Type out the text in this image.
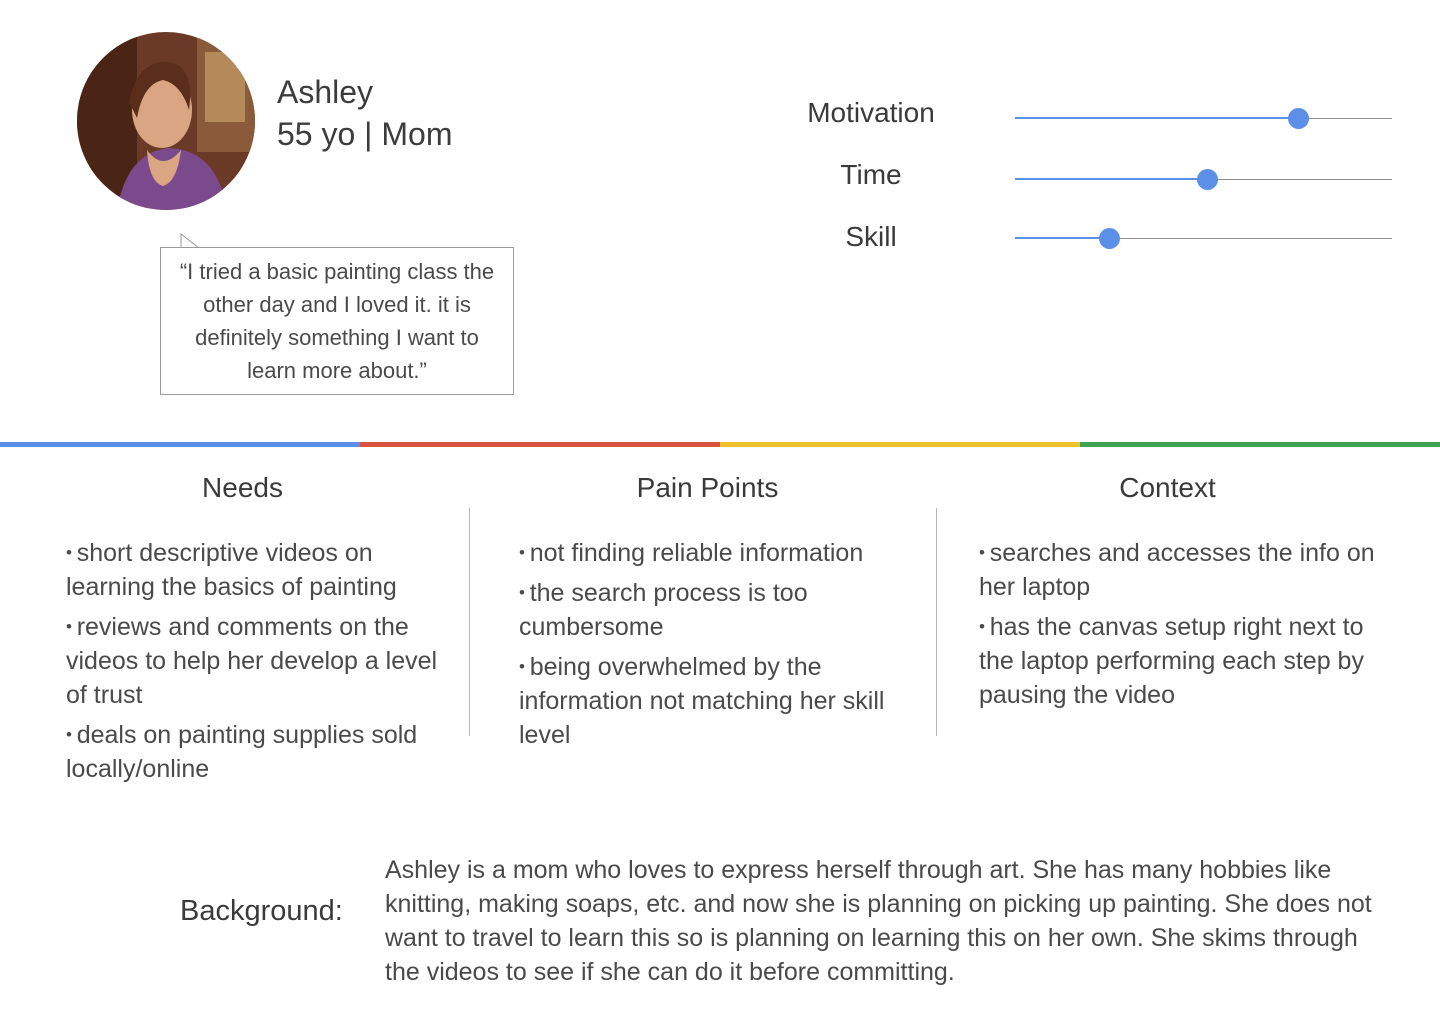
Ashley
55 yo | Mom
“I tried a basic painting class the other day and I loved it. it is definitely something I want to learn more about.”
Motivation
Time
Skill
Needs	Pain Points	Context
• short descriptive videos on learning the basics of painting
• reviews and comments on the videos to help her develop a level of trust
• deals on painting supplies sold locally/online
• not finding reliable information
• the search process is too cumbersome
• being overwhelmed by the information not matching her skill level
• searches and accesses the info on her laptop
• has the canvas setup right next to the laptop performing each step by pausing the video
Background:
Ashley is a mom who loves to express herself through art. She has many hobbies like knitting, making soaps, etc. and now she is planning on picking up painting. She does not want to travel to learn this so is planning on learning this on her own. She skims through the videos to see if she can do it before committing.
